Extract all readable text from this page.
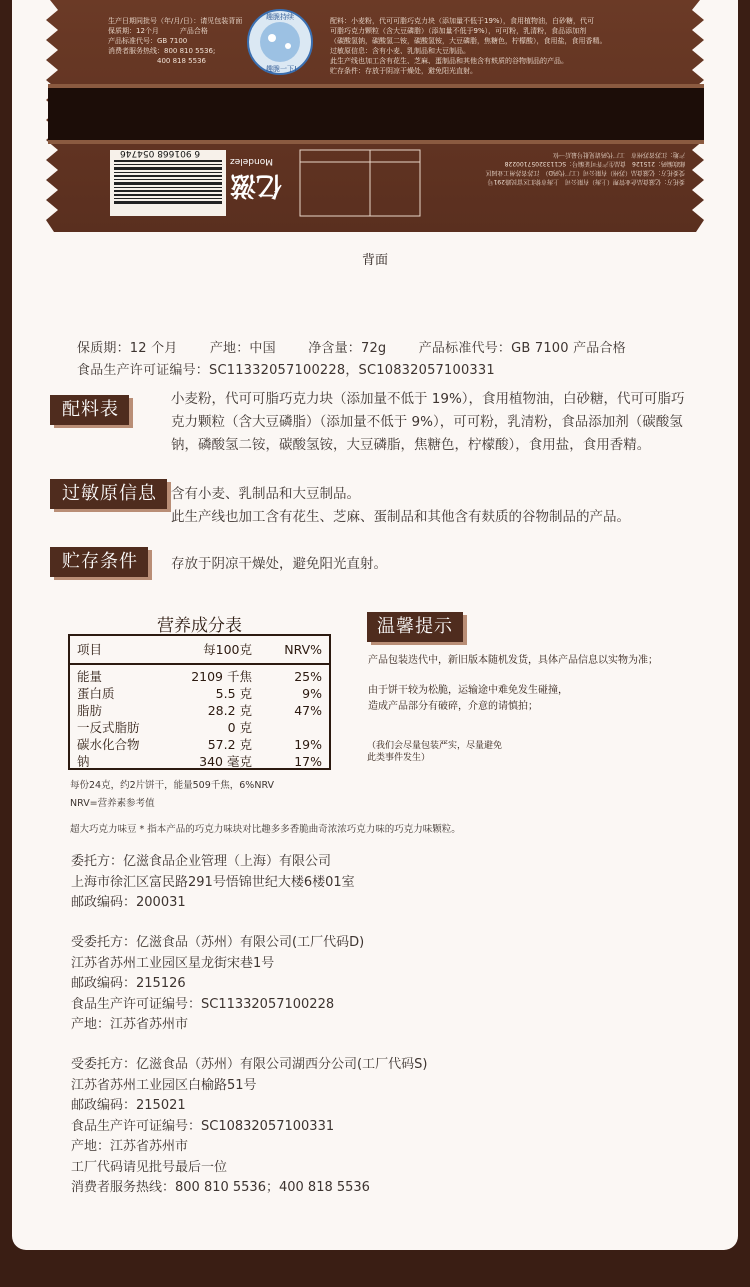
生产日期同批号（年/月/日）：请见包装背面
保质期：12个月　　　产品合格
产品标准代号：GB 7100
消费者服务热线：800 810 5536;
　　　　　　　400 818 5536
配料：小麦粉，代可可脂巧克力块（添加量不低于19%），食用植物油，白砂糖，代可
可脂巧克力颗粒（含大豆磷脂）（添加量不低于9%），可可粉，乳清粉，食品添加剂
（碳酸氢钠，碳酸氢二铵，碳酸氢铵，大豆磷脂，焦糖色，柠檬酸），食用盐，食用香精。
过敏原信息：含有小麦、乳制品和大豆制品。
此生产线也加工含有花生、芝麻、蛋制品和其他含有麸质的谷物制品的产品。
贮存条件：存放于阴凉干燥处，避免阳光直射。
趣脆持续
趣脆一下!
亿滋
Mondelez
6 901668 054746
委托方：亿滋食品企业管理（上海）有限公司　上海市徐汇区富民路291号
受委托方：亿滋食品（苏州）有限公司（工厂代码D）　江苏省苏州工业园区
邮政编码：215126　食品生产许可证编号：SC11332057100228
产地：江苏省苏州市　工厂代码请见批号最后一位
背面
保质期：12 个月 产地：中国 净含量：72g 产品标准代号：GB 7100 产品合格
食品生产许可证编号：SC11332057100228，SC10832057100331
配料表	小麦粉，代可可脂巧克力块（添加量不低于 19%），食用植物油，白砂糖，代可可脂巧克力颗粒（含大豆磷脂）（添加量不低于 9%），可可粉，乳清粉，食品添加剂（碳酸氢钠，磷酸氢二铵，碳酸氢铵，大豆磷脂，焦糖色，柠檬酸），食用盐，食用香精。
过敏原信息	含有小麦、乳制品和大豆制品。
此生产线也加工含有花生、芝麻、蛋制品和其他含有麸质的谷物制品的产品。
贮存条件	存放于阴凉干燥处，避免阳光直射。
营养成分表
项目	每100克	NRV%
能量	2109 千焦	25%
蛋白质	5.5 克	9%
脂肪	28.2 克	47%
一反式脂肪	0 克
碳水化合物	57.2 克	19%
钠	340 毫克	17%
每份24克，约2片饼干，能量509千焦，6%NRV
NRV=营养素参考值
温馨提示
产品包装迭代中，新旧版本随机发货，具体产品信息以实物为准；
由于饼干较为松脆，运输途中难免发生碰撞，
造成产品部分有破碎，介意的请慎拍；
（我们会尽量包装严实，尽量避免
此类事件发生）
超大巧克力味豆 * 指本产品的巧克力味块对比趣多多香脆曲奇浓浓巧克力味的巧克力味颗粒。
委托方：亿滋食品企业管理（上海）有限公司
上海市徐汇区富民路291号悟锦世纪大楼6楼01室
邮政编码：200031
受委托方：亿滋食品（苏州）有限公司(工厂代码D)
江苏省苏州工业园区星龙街宋巷1号
邮政编码：215126
食品生产许可证编号：SC11332057100228
产地：江苏省苏州市
受委托方：亿滋食品（苏州）有限公司湖西分公司(工厂代码S)
江苏省苏州工业园区白榆路51号
邮政编码：215021
食品生产许可证编号：SC10832057100331
产地：江苏省苏州市
工厂代码请见批号最后一位
消费者服务热线：800 810 5536；400 818 5536
